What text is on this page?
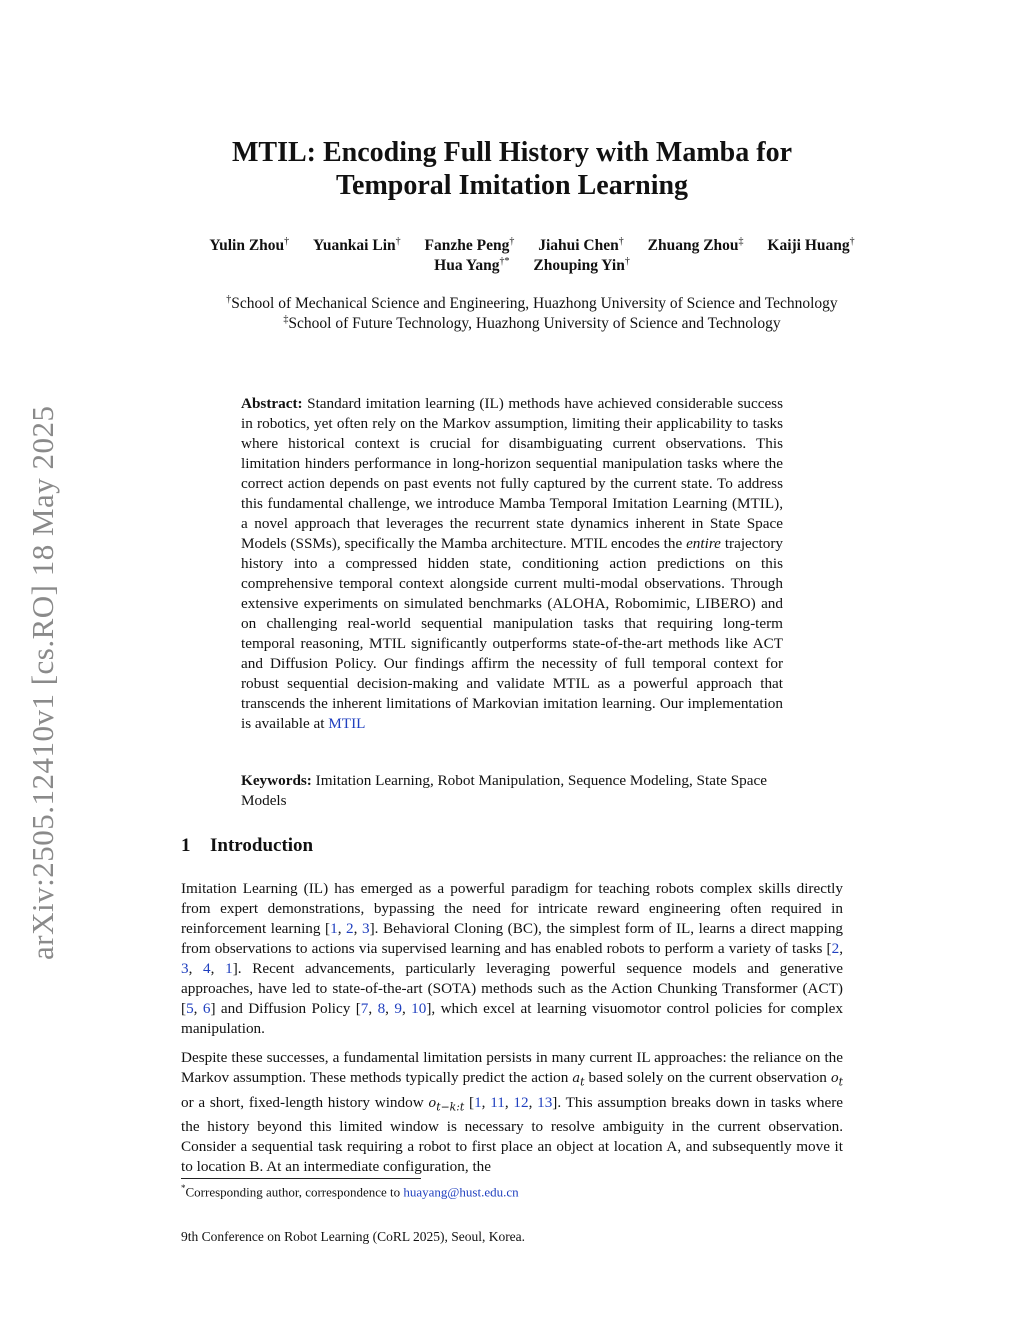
arXiv:2505.12410v1 [cs.RO] 18 May 2025
MTIL: Encoding Full History with Mamba for
Temporal Imitation Learning
Yulin Zhou† Yuankai Lin† Fanzhe Peng† Jiahui Chen† Zhuang Zhou‡ Kaiji Huang†
Hua Yang†* Zhouping Yin†
†School of Mechanical Science and Engineering, Huazhong University of Science and Technology
‡School of Future Technology, Huazhong University of Science and Technology
Abstract: Standard imitation learning (IL) methods have achieved considerable success in robotics, yet often rely on the Markov assumption, limiting their applicability to tasks where historical context is crucial for disambiguating current observations. This limitation hinders performance in long-horizon sequential manipulation tasks where the correct action depends on past events not fully captured by the current state. To address this fundamental challenge, we introduce Mamba Temporal Imitation Learning (MTIL), a novel approach that leverages the recurrent state dynamics inherent in State Space Models (SSMs), specifically the Mamba architecture. MTIL encodes the entire trajectory history into a compressed hidden state, conditioning action predictions on this comprehensive temporal context alongside current multi-modal observations. Through extensive experiments on simulated benchmarks (ALOHA, Robomimic, LIBERO) and on challenging real-world sequential manipulation tasks that requiring long-term temporal reasoning, MTIL significantly outperforms state-of-the-art methods like ACT and Diffusion Policy. Our findings affirm the necessity of full temporal context for robust sequential decision-making and validate MTIL as a powerful approach that transcends the inherent limitations of Markovian imitation learning. Our implementation is available at MTIL
Keywords: Imitation Learning, Robot Manipulation, Sequence Modeling, State Space Models
1 Introduction
Imitation Learning (IL) has emerged as a powerful paradigm for teaching robots complex skills directly from expert demonstrations, bypassing the need for intricate reward engineering often required in reinforcement learning [1, 2, 3]. Behavioral Cloning (BC), the simplest form of IL, learns a direct mapping from observations to actions via supervised learning and has enabled robots to perform a variety of tasks [2, 3, 4, 1]. Recent advancements, particularly leveraging powerful sequence models and generative approaches, have led to state-of-the-art (SOTA) methods such as the Action Chunking Transformer (ACT) [5, 6] and Diffusion Policy [7, 8, 9, 10], which excel at learning visuomotor control policies for complex manipulation.
Despite these successes, a fundamental limitation persists in many current IL approaches: the reliance on the Markov assumption. These methods typically predict the action $a_t$ based solely on the current observation $o_t$ or a short, fixed-length history window $o_{t-k:t}$ [1, 11, 12, 13]. This assumption breaks down in tasks where the history beyond this limited window is necessary to resolve ambiguity in the current observation. Consider a sequential task requiring a robot to first place an object at location A, and subsequently move it to location B. At an intermediate configuration, the
*Corresponding author, correspondence to huayang@hust.edu.cn
9th Conference on Robot Learning (CoRL 2025), Seoul, Korea.
